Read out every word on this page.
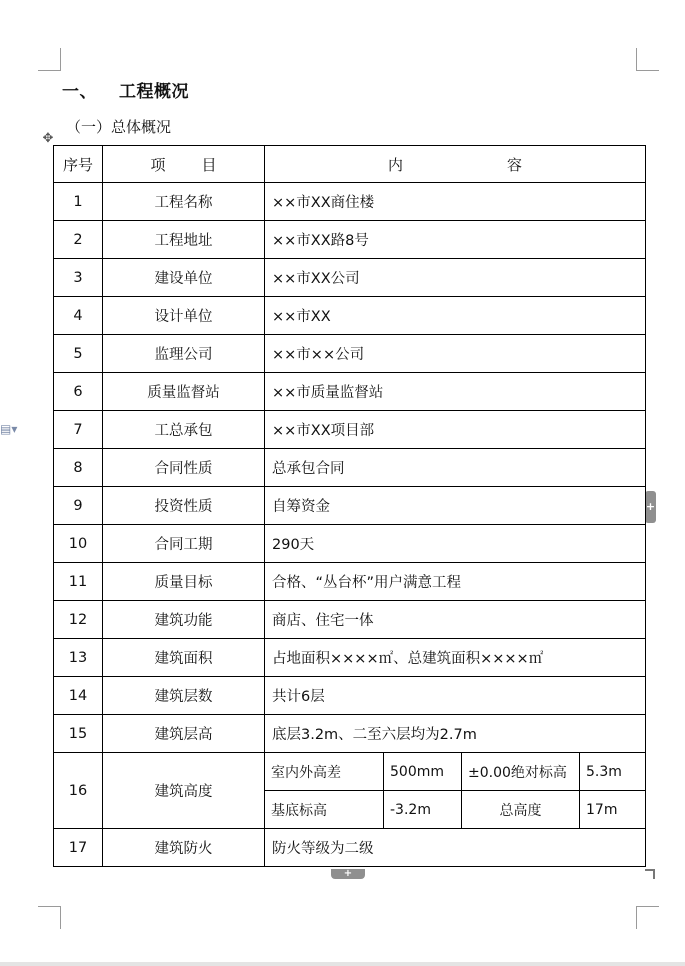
一、 工程概况
（一）总体概况
✥
▤▾
+
+
序号	项目	内 容			
1	工程名称	××市XX商住楼			
2	工程地址	××市XX路8号			
3	建设单位	××市XX公司			
4	设计单位	××市XX			
5	监理公司	××市××公司			
6	质量监督站	××市质量监督站			
7	工总承包	××市XX项目部			
8	合同性质	总承包合同			
9	投资性质	自筹资金			
10	合同工期	290天			
11	质量目标	合格、“丛台杯”用户满意工程			
12	建筑功能	商店、住宅一体			
13	建筑面积	占地面积××××㎡、总建筑面积××××㎡			
14	建筑层数	共计6层			
15	建筑层高	底层3.2m、二至六层均为2.7m			
16	建筑高度	室内外高差	500mm	±0.00绝对标高	5.3m
		基底标高	-3.2m	总高度	17m
17	建筑防火	防火等级为二级			
